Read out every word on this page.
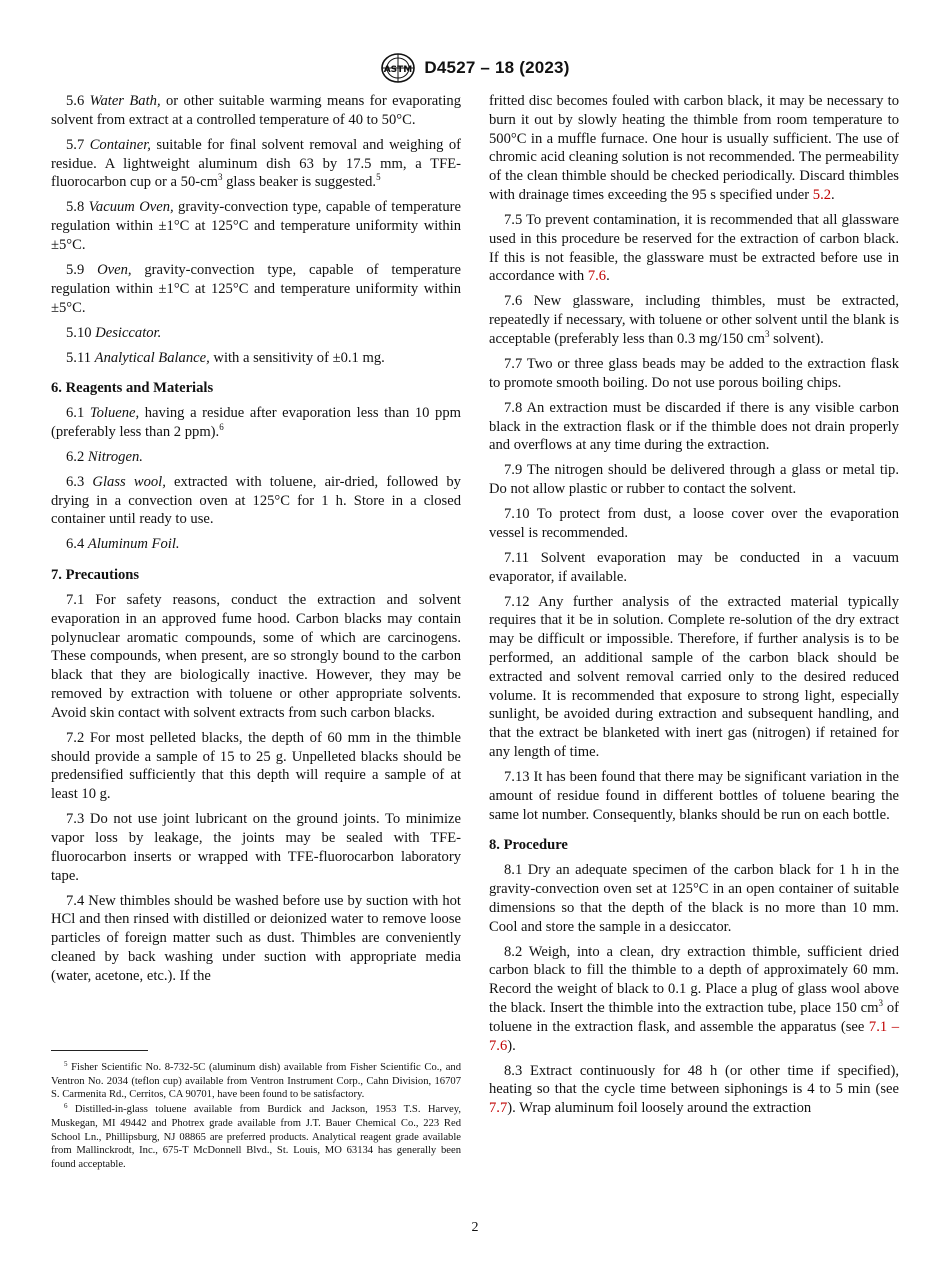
ASTM D4527 – 18 (2023)

5.6 Water Bath, or other suitable warming means for evaporating solvent from extract at a controlled temperature of 40 to 50°C.

5.7 Container, suitable for final solvent removal and weighing of residue. A lightweight aluminum dish 63 by 17.5 mm, a TFE-fluorocarbon cup or a $50-cm^3$ glass beaker is suggested.$^5$

5.8 Vacuum Oven, gravity-convection type, capable of temperature regulation within ±1°C at 125°C and temperature uniformity within ±5°C.

5.9 Oven, gravity-convection type, capable of temperature regulation within ±1°C at 125°C and temperature uniformity within ±5°C.

5.10 Desiccator.

5.11 Analytical Balance, with a sensitivity of ±0.1 mg.

6. Reagents and Materials

6.1 Toluene, having a residue after evaporation less than 10 ppm (preferably less than 2 ppm).$^6$

6.2 Nitrogen.

6.3 Glass wool, extracted with toluene, air-dried, followed by drying in a convection oven at 125°C for 1 h. Store in a closed container until ready to use.

6.4 Aluminum Foil.

7. Precautions

7.1 For safety reasons, conduct the extraction and solvent evaporation in an approved fume hood. Carbon blacks may contain polynuclear aromatic compounds, some of which are carcinogens. These compounds, when present, are so strongly bound to the carbon black that they are biologically inactive. However, they may be removed by extraction with toluene or other appropriate solvents. Avoid skin contact with solvent extracts from such carbon blacks.

7.2 For most pelleted blacks, the depth of 60 mm in the thimble should provide a sample of 15 to 25 g. Unpelleted blacks should be predensified sufficiently that this depth will require a sample of at least 10 g.

7.3 Do not use joint lubricant on the ground joints. To minimize vapor loss by leakage, the joints may be sealed with TFE-fluorocarbon inserts or wrapped with TFE-fluorocarbon laboratory tape.

7.4 New thimbles should be washed before use by suction with hot HCl and then rinsed with distilled or deionized water to remove loose particles of foreign matter such as dust. Thimbles are conveniently cleaned by back washing under suction with appropriate media (water, acetone, etc.). If the

$^5$ Fisher Scientific No. 8-732-5C (aluminum dish) available from Fisher Scientific Co., and Ventron No. 2034 (teflon cup) available from Ventron Instrument Corp., Cahn Division, 16707 S. Carmenita Rd., Cerritos, CA 90701, have been found to be satisfactory.

$^6$ Distilled-in-glass toluene available from Burdick and Jackson, 1953 T.S. Harvey, Muskegan, MI 49442 and Photrex grade available from J.T. Bauer Chemical Co., 223 Red School Ln., Phillipsburg, NJ 08865 are preferred products. Analytical reagent grade available from Mallinckrodt, Inc., 675-T McDonnell Blvd., St. Louis, MO 63134 has generally been found acceptable.

fritted disc becomes fouled with carbon black, it may be necessary to burn it out by slowly heating the thimble from room temperature to 500°C in a muffle furnace. One hour is usually sufficient. The use of chromic acid cleaning solution is not recommended. The permeability of the clean thimble should be checked periodically. Discard thimbles with drainage times exceeding the 95 s specified under 5.2.

7.5 To prevent contamination, it is recommended that all glassware used in this procedure be reserved for the extraction of carbon black. If this is not feasible, the glassware must be extracted before use in accordance with 7.6.

7.6 New glassware, including thimbles, must be extracted, repeatedly if necessary, with toluene or other solvent until the blank is acceptable (preferably less than 0.3 mg/150 $cm^3$ solvent).

7.7 Two or three glass beads may be added to the extraction flask to promote smooth boiling. Do not use porous boiling chips.

7.8 An extraction must be discarded if there is any visible carbon black in the extraction flask or if the thimble does not drain properly and overflows at any time during the extraction.

7.9 The nitrogen should be delivered through a glass or metal tip. Do not allow plastic or rubber to contact the solvent.

7.10 To protect from dust, a loose cover over the evaporation vessel is recommended.

7.11 Solvent evaporation may be conducted in a vacuum evaporator, if available.

7.12 Any further analysis of the extracted material typically requires that it be in solution. Complete re-solution of the dry extract may be difficult or impossible. Therefore, if further analysis is to be performed, an additional sample of the carbon black should be extracted and solvent removal carried only to the desired reduced volume. It is recommended that exposure to strong light, especially sunlight, be avoided during extraction and subsequent handling, and that the extract be blanketed with inert gas (nitrogen) if retained for any length of time.

7.13 It has been found that there may be significant variation in the amount of residue found in different bottles of toluene bearing the same lot number. Consequently, blanks should be run on each bottle.

8. Procedure

8.1 Dry an adequate specimen of the carbon black for 1 h in the gravity-convection oven set at 125°C in an open container of suitable dimensions so that the depth of the black is no more than 10 mm. Cool and store the sample in a desiccator.

8.2 Weigh, into a clean, dry extraction thimble, sufficient dried carbon black to fill the thimble to a depth of approximately 60 mm. Record the weight of black to 0.1 g. Place a plug of glass wool above the black. Insert the thimble into the extraction tube, place 150 $cm^3$ of toluene in the extraction flask, and assemble the apparatus (see 7.1 – 7.6).

8.3 Extract continuously for 48 h (or other time if specified), heating so that the cycle time between siphonings is 4 to 5 min (see 7.7). Wrap aluminum foil loosely around the extraction

2
